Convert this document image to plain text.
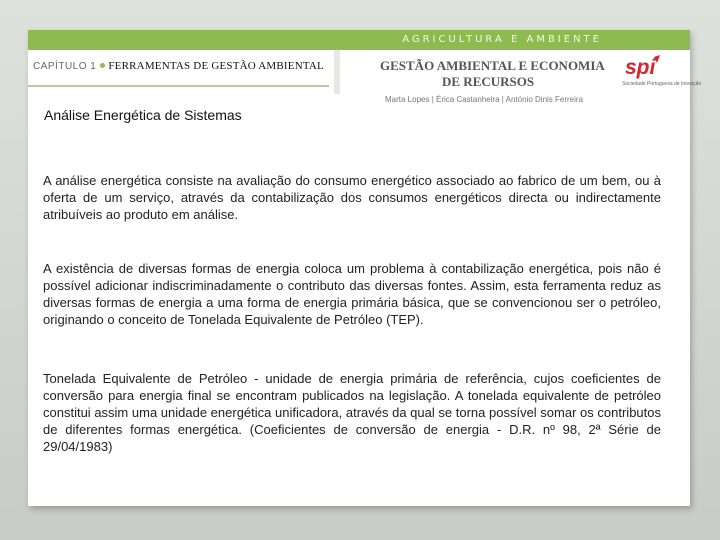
AGRICULTURA E AMBIENTE
CAPÍTULO 1 FERRAMENTAS DE GESTÃO AMBIENTAL	GESTÃO AMBIENTAL E ECONOMIA
DE RECURSOS
Marta Lopes | Érica Castanheira | António Dinis Ferreira
spi
Sociedade Portuguesa de Inovação
Análise Energética de Sistemas
A análise energética consiste na avaliação do consumo energético associado ao fabrico de um bem, ou à oferta de um serviço, através da contabilização dos consumos energéticos directa ou indirectamente atribuíveis ao produto em análise.
A existência de diversas formas de energia coloca um problema à contabilização energética, pois não é possível adicionar indiscriminadamente o contributo das diversas fontes. Assim, esta ferramenta reduz as diversas formas de energia a uma forma de energia primária básica, que se convencionou ser o petróleo, originando o conceito de Tonelada Equivalente de Petróleo (TEP).
Tonelada Equivalente de Petróleo - unidade de energia primária de referência, cujos coeficientes de conversão para energia final se encontram publicados na legislação. A tonelada equivalente de petróleo constitui assim uma unidade energética unificadora, através da qual se torna possível somar os contributos de diferentes formas energética. (Coeficientes de conversão de energia - D.R. nº 98, 2ª Série de 29/04/1983)
